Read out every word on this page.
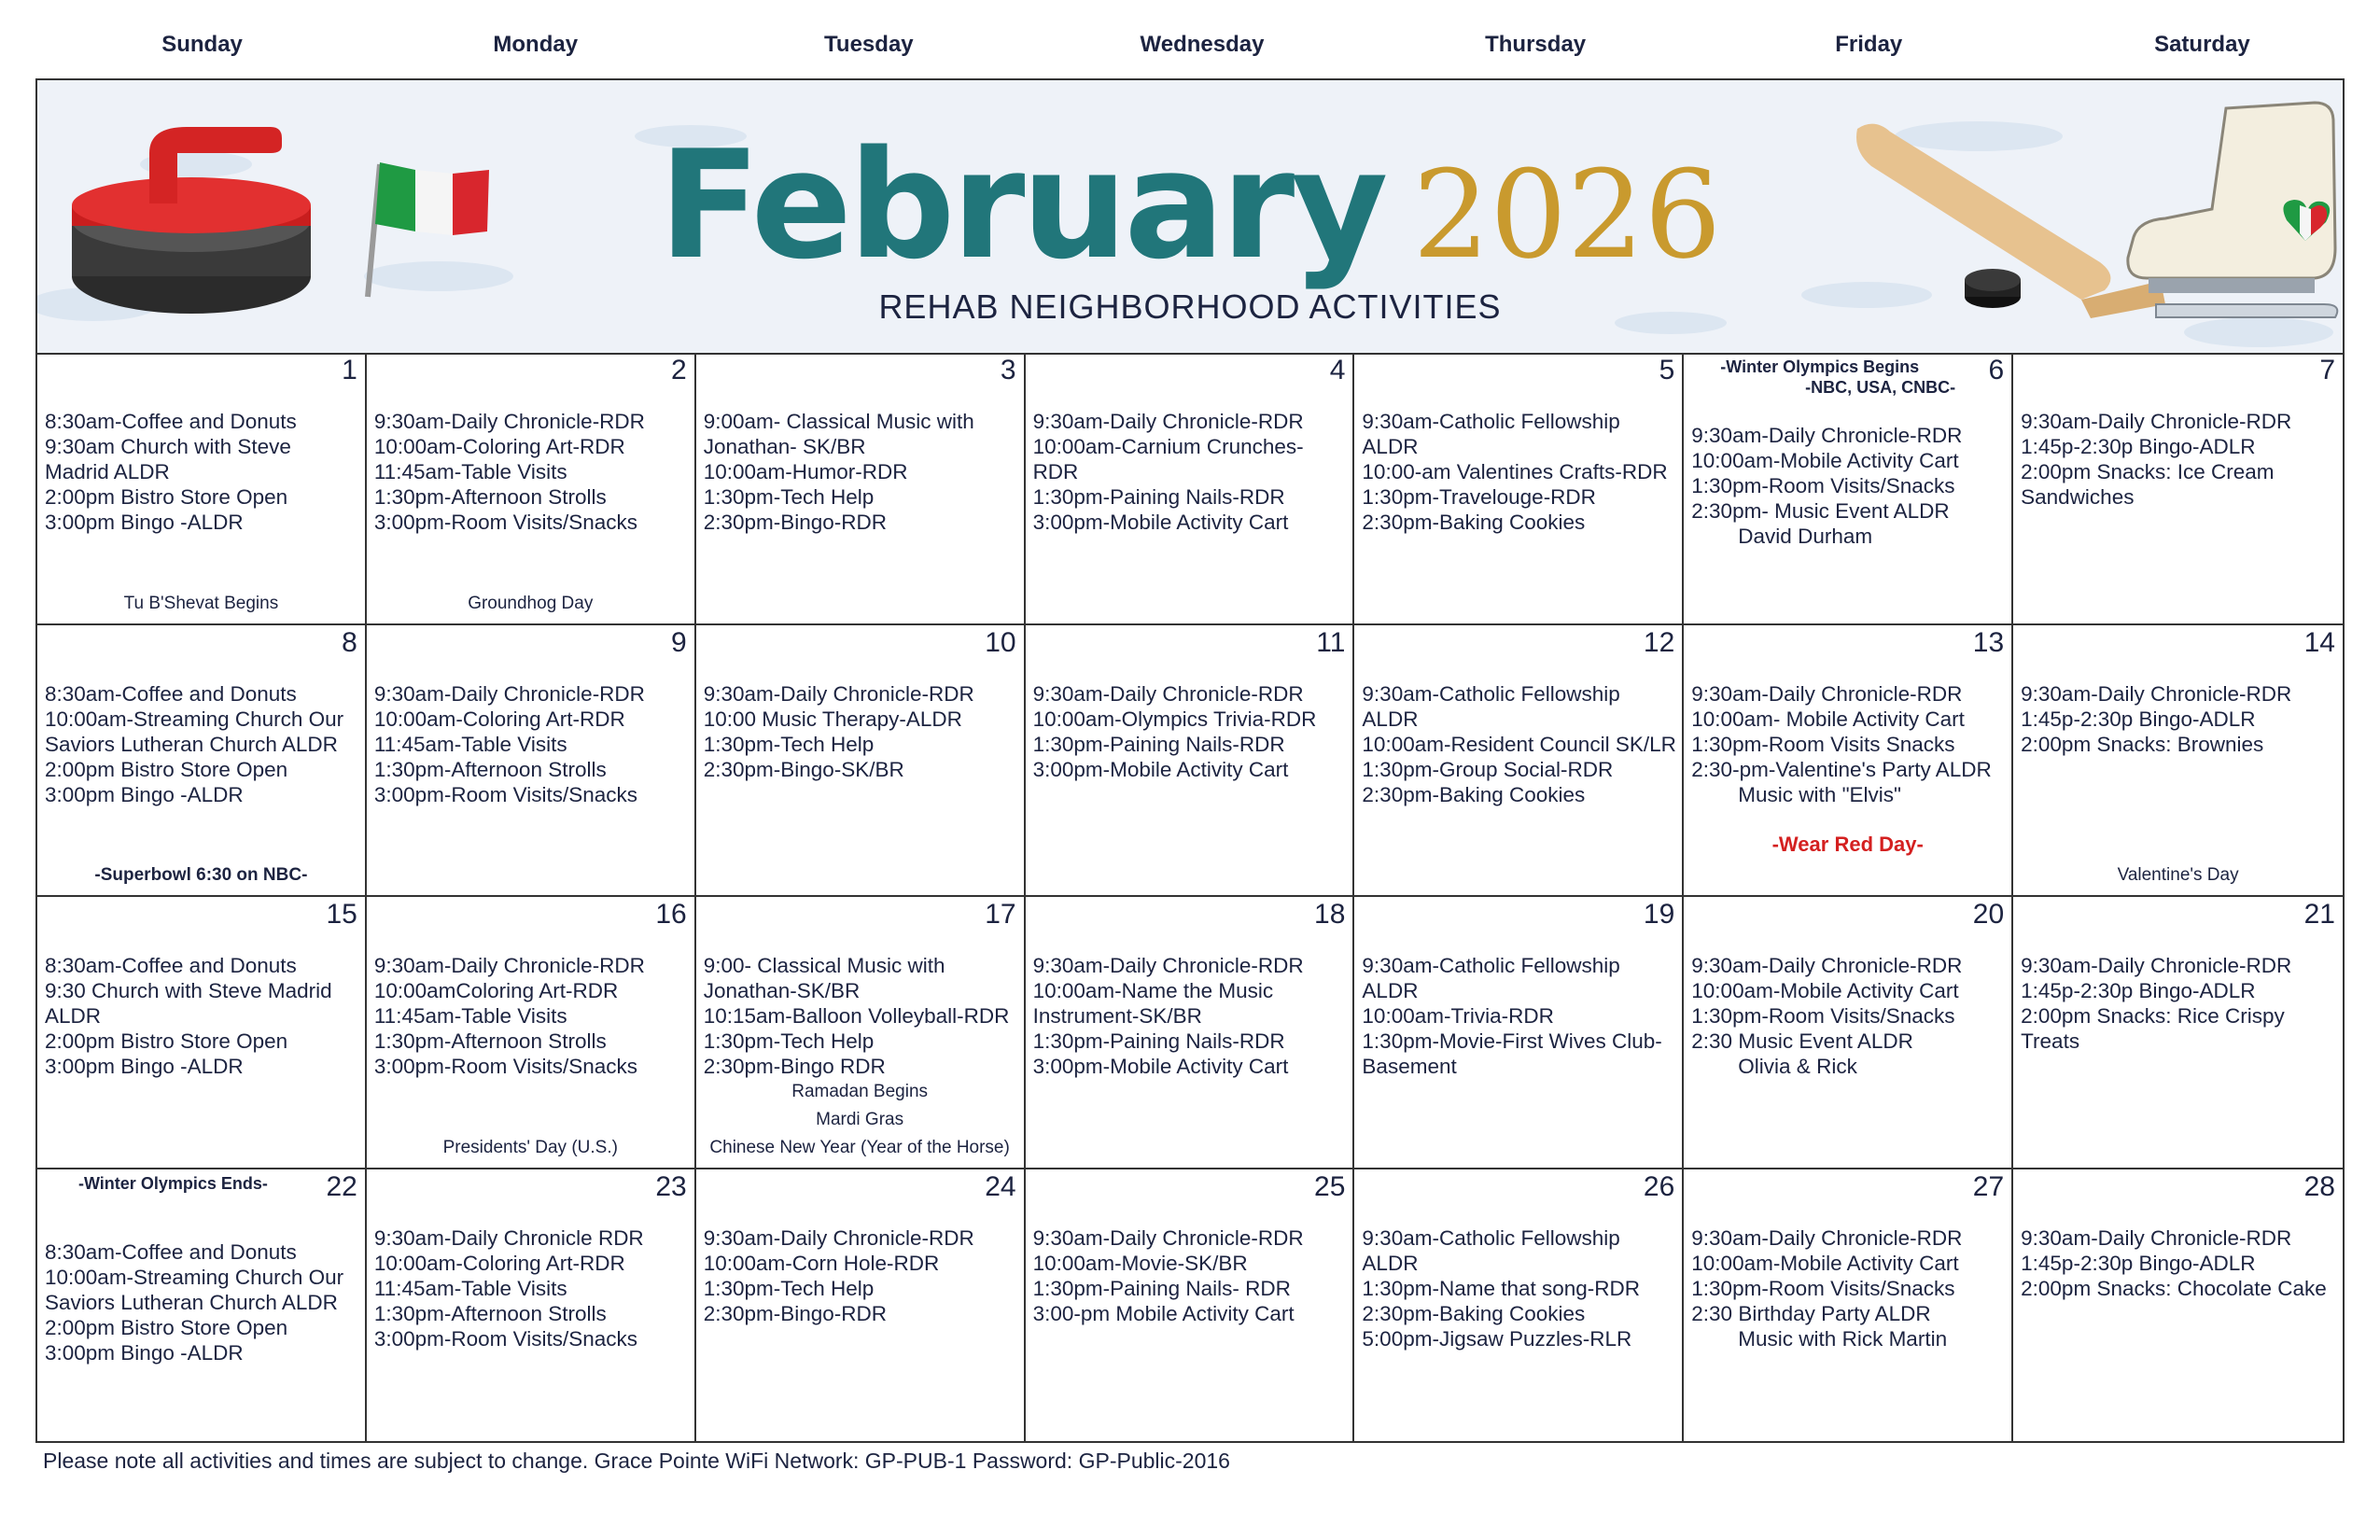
Sunday	Monday	Tuesday	Wednesday	Thursday	Friday	Saturday
February 2026
REHAB NEIGHBORHOOD ACTIVITIES
1
8:30am-Coffee and Donuts
9:30am Church with Steve Madrid ALDR
2:00pm Bistro Store Open
3:00pm Bingo -ALDR
Tu B'Shevat Begins
2
9:30am-Daily Chronicle-RDR
10:00am-Coloring Art-RDR
11:45am-Table Visits
1:30pm-Afternoon Strolls
3:00pm-Room Visits/Snacks
Groundhog Day
3
9:00am- Classical Music with Jonathan- SK/BR
10:00am-Humor-RDR
1:30pm-Tech Help
2:30pm-Bingo-RDR
4
9:30am-Daily Chronicle-RDR
10:00am-Carnium Crunches-RDR
1:30pm-Paining Nails-RDR
3:00pm-Mobile Activity Cart
5
9:30am-Catholic Fellowship ALDR
10:00-am Valentines Crafts-RDR
1:30pm-Travelouge-RDR
2:30pm-Baking Cookies
6
-Winter Olympics Begins
-NBC, USA, CNBC-
9:30am-Daily Chronicle-RDR
10:00am-Mobile Activity Cart
1:30pm-Room Visits/Snacks
2:30pm- Music Event ALDR
David Durham
7
9:30am-Daily Chronicle-RDR
1:45p-2:30p Bingo-ADLR
2:00pm Snacks: Ice Cream Sandwiches
8
8:30am-Coffee and Donuts
10:00am-Streaming Church Our Saviors Lutheran Church ALDR
2:00pm Bistro Store Open
3:00pm Bingo -ALDR
-Superbowl 6:30 on NBC-
9
9:30am-Daily Chronicle-RDR
10:00am-Coloring Art-RDR
11:45am-Table Visits
1:30pm-Afternoon Strolls
3:00pm-Room Visits/Snacks
10
9:30am-Daily Chronicle-RDR
10:00 Music Therapy-ALDR
1:30pm-Tech Help
2:30pm-Bingo-SK/BR
11
9:30am-Daily Chronicle-RDR
10:00am-Olympics Trivia-RDR
1:30pm-Paining Nails-RDR
3:00pm-Mobile Activity Cart
12
9:30am-Catholic Fellowship ALDR
10:00am-Resident Council SK/LR
1:30pm-Group Social-RDR
2:30pm-Baking Cookies
13
9:30am-Daily Chronicle-RDR
10:00am- Mobile Activity Cart
1:30pm-Room Visits Snacks
2:30-pm-Valentine's Party ALDR
Music with "Elvis"
-Wear Red Day-
14
9:30am-Daily Chronicle-RDR
1:45p-2:30p Bingo-ADLR
2:00pm Snacks: Brownies
Valentine's Day
15
8:30am-Coffee and Donuts
9:30 Church with Steve Madrid ALDR
2:00pm Bistro Store Open
3:00pm Bingo -ALDR
16
9:30am-Daily Chronicle-RDR
10:00amColoring Art-RDR
11:45am-Table Visits
1:30pm-Afternoon Strolls
3:00pm-Room Visits/Snacks
Presidents' Day (U.S.)
17
9:00- Classical Music with Jonathan-SK/BR
10:15am-Balloon Volleyball-RDR
1:30pm-Tech Help
2:30pm-Bingo RDR
Ramadan Begins
Mardi Gras
Chinese New Year (Year of the Horse)
18
9:30am-Daily Chronicle-RDR
10:00am-Name the Music Instrument-SK/BR
1:30pm-Paining Nails-RDR
3:00pm-Mobile Activity Cart
19
9:30am-Catholic Fellowship ALDR
10:00am-Trivia-RDR
1:30pm-Movie-First Wives Club-Basement
20
9:30am-Daily Chronicle-RDR
10:00am-Mobile Activity Cart
1:30pm-Room Visits/Snacks
2:30 Music Event ALDR
Olivia & Rick
21
9:30am-Daily Chronicle-RDR
1:45p-2:30p Bingo-ADLR
2:00pm Snacks: Rice Crispy Treats
22
-Winter Olympics Ends-
8:30am-Coffee and Donuts
10:00am-Streaming Church Our Saviors Lutheran Church ALDR
2:00pm Bistro Store Open
3:00pm Bingo -ALDR
23
9:30am-Daily Chronicle RDR
10:00am-Coloring Art-RDR
11:45am-Table Visits
1:30pm-Afternoon Strolls
3:00pm-Room Visits/Snacks
24
9:30am-Daily Chronicle-RDR
10:00am-Corn Hole-RDR
1:30pm-Tech Help
2:30pm-Bingo-RDR
25
9:30am-Daily Chronicle-RDR
10:00am-Movie-SK/BR
1:30pm-Paining Nails- RDR
3:00-pm Mobile Activity Cart
26
9:30am-Catholic Fellowship ALDR
1:30pm-Name that song-RDR
2:30pm-Baking Cookies
5:00pm-Jigsaw Puzzles-RLR
27
9:30am-Daily Chronicle-RDR
10:00am-Mobile Activity Cart
1:30pm-Room Visits/Snacks
2:30 Birthday Party ALDR
Music with Rick Martin
28
9:30am-Daily Chronicle-RDR
1:45p-2:30p Bingo-ADLR
2:00pm Snacks: Chocolate Cake
Please note all activities and times are subject to change. Grace Pointe WiFi Network: GP-PUB-1 Password: GP-Public-2016
